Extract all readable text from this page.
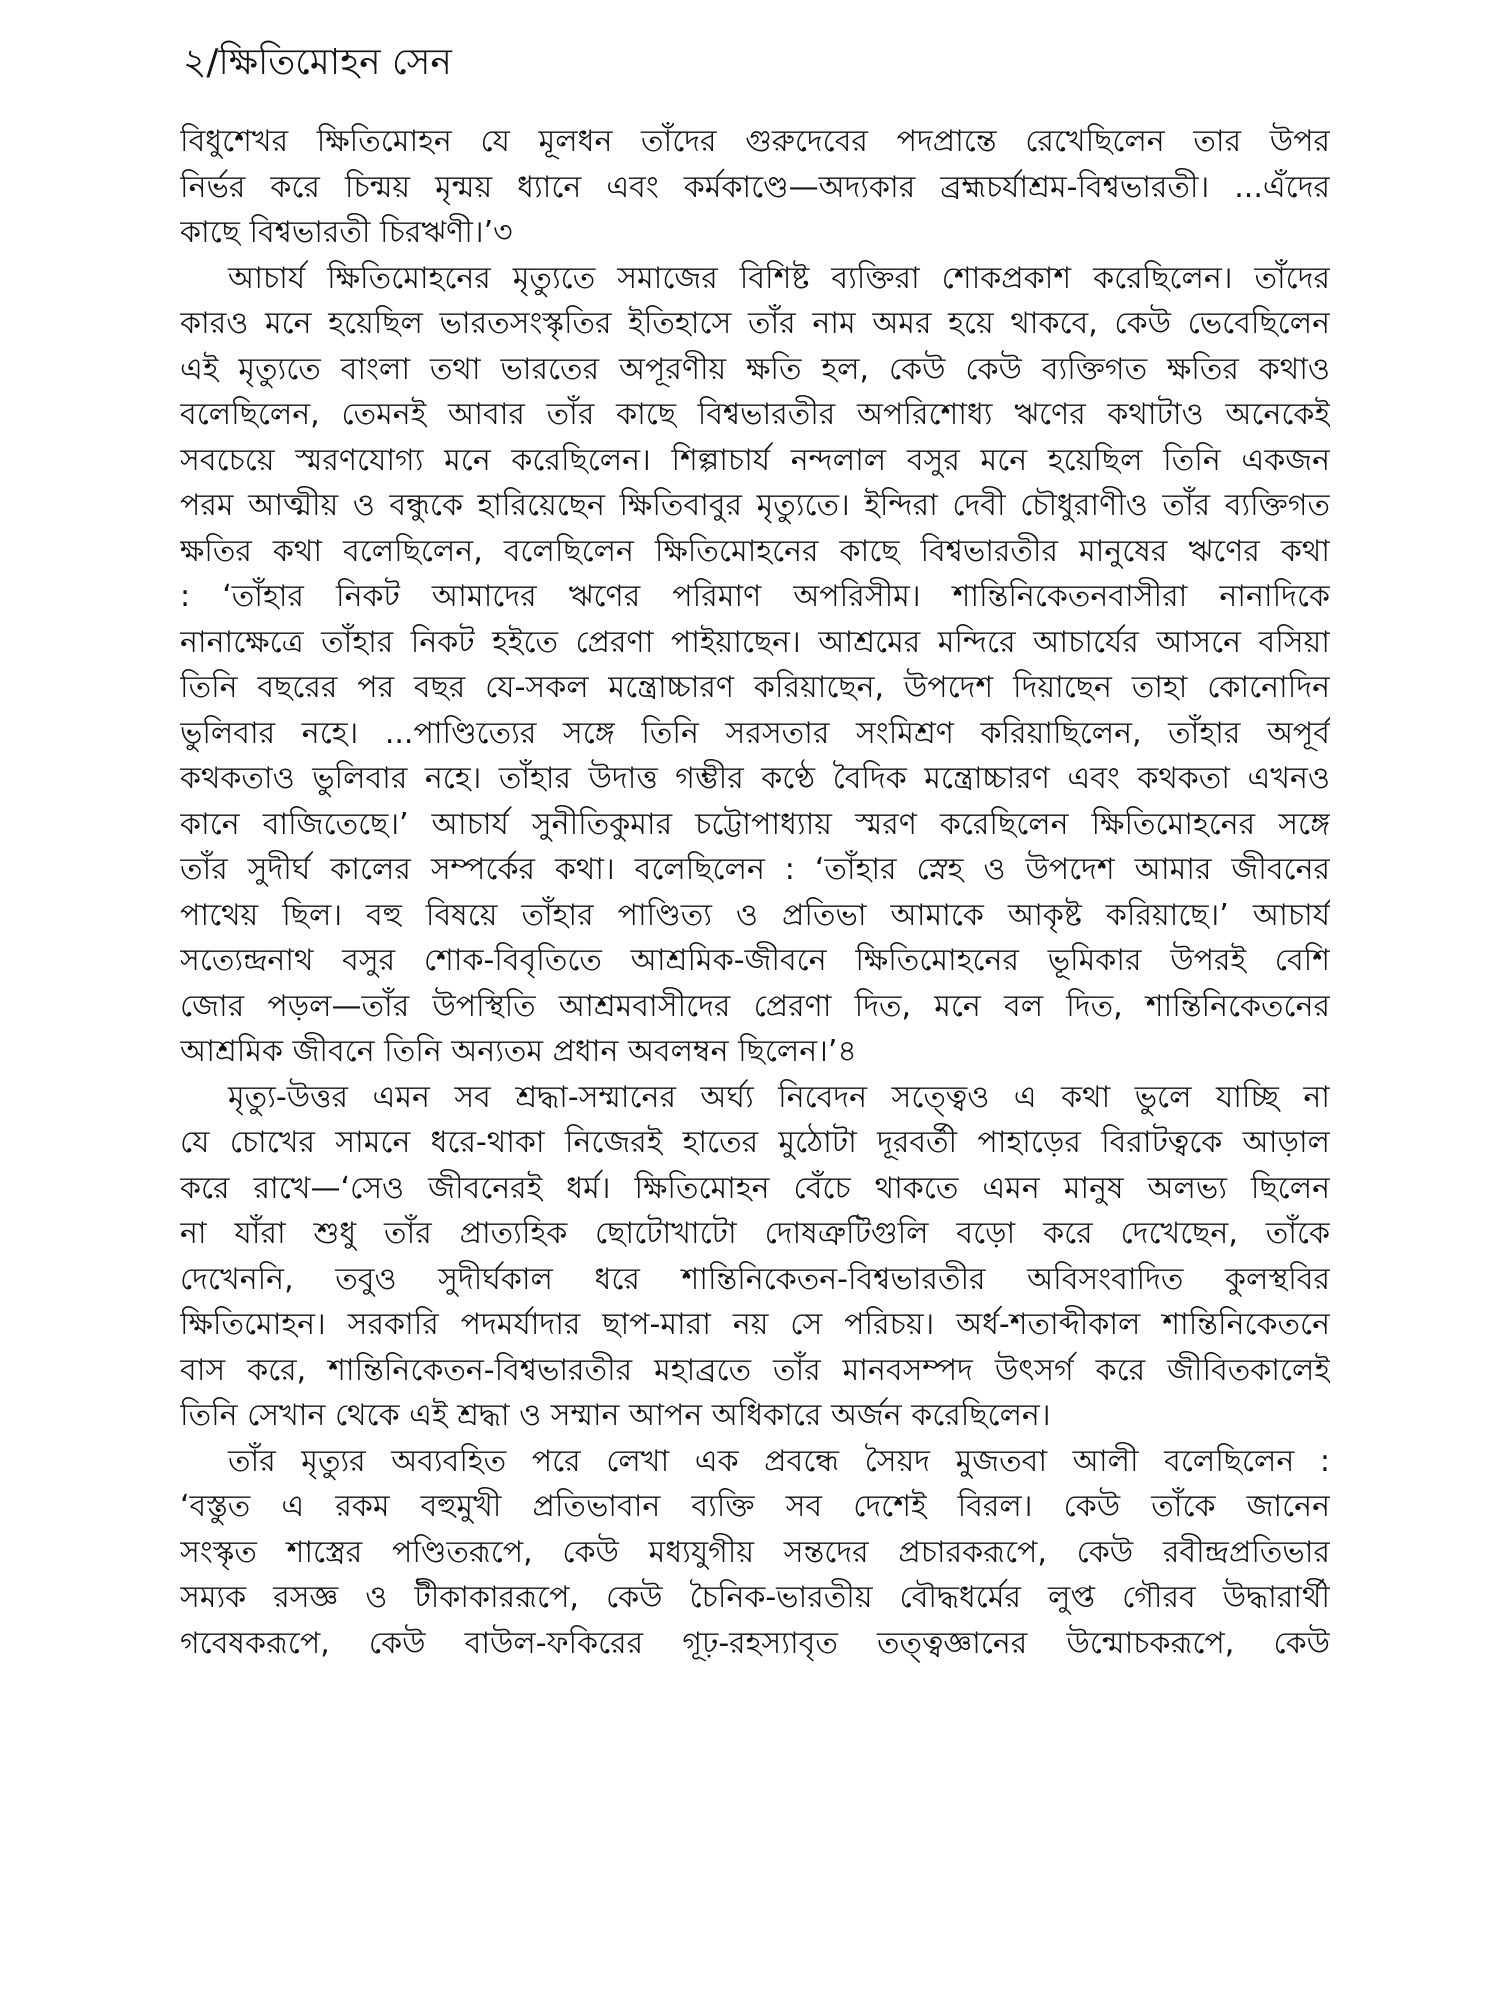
২/ক্ষিতিমোহন সেন
বিধুশেখর ক্ষিতিমোহন যে মূলধন তাঁদের গুরুদেবের পদপ্রান্তে রেখেছিলেন তার উপর
নির্ভর করে চিন্ময় মৃন্ময় ধ্যানে এবং কর্মকাণ্ডে—অদ্যকার ব্রহ্মচর্যাশ্রম-বিশ্বভারতী। ...এঁদের
কাছে বিশ্বভারতী চিরঋণী।’৩
আচার্য ক্ষিতিমোহনের মৃত্যুতে সমাজের বিশিষ্ট ব্যক্তিরা শোকপ্রকাশ করেছিলেন। তাঁদের
কারও মনে হয়েছিল ভারতসংস্কৃতির ইতিহাসে তাঁর নাম অমর হয়ে থাকবে, কেউ ভেবেছিলেন
এই মৃত্যুতে বাংলা তথা ভারতের অপূরণীয় ক্ষতি হল, কেউ কেউ ব্যক্তিগত ক্ষতির কথাও
বলেছিলেন, তেমনই আবার তাঁর কাছে বিশ্বভারতীর অপরিশোধ্য ঋণের কথাটাও অনেকেই
সবচেয়ে স্মরণযোগ্য মনে করেছিলেন। শিল্পাচার্য নন্দলাল বসুর মনে হয়েছিল তিনি একজন
পরম আত্মীয় ও বন্ধুকে হারিয়েছেন ক্ষিতিবাবুর মৃত্যুতে। ইন্দিরা দেবী চৌধুরাণীও তাঁর ব্যক্তিগত
ক্ষতির কথা বলেছিলেন, বলেছিলেন ক্ষিতিমোহনের কাছে বিশ্বভারতীর মানুষের ঋণের কথা
: ‘তাঁহার নিকট আমাদের ঋণের পরিমাণ অপরিসীম। শান্তিনিকেতনবাসীরা নানাদিকে
নানাক্ষেত্রে তাঁহার নিকট হইতে প্রেরণা পাইয়াছেন। আশ্রমের মন্দিরে আচার্যের আসনে বসিয়া
তিনি বছরের পর বছর যে-সকল মন্ত্রোচ্চারণ করিয়াছেন, উপদেশ দিয়াছেন তাহা কোনোদিন
ভুলিবার নহে। ...পাণ্ডিত্যের সঙ্গে তিনি সরসতার সংমিশ্রণ করিয়াছিলেন, তাঁহার অপূর্ব
কথকতাও ভুলিবার নহে। তাঁহার উদাত্ত গম্ভীর কণ্ঠে বৈদিক মন্ত্রোচ্চারণ এবং কথকতা এখনও
কানে বাজিতেছে।’ আচার্য সুনীতিকুমার চট্টোপাধ্যায় স্মরণ করেছিলেন ক্ষিতিমোহনের সঙ্গে
তাঁর সুদীর্ঘ কালের সম্পর্কের কথা। বলেছিলেন : ‘তাঁহার স্নেহ ও উপদেশ আমার জীবনের
পাথেয় ছিল। বহু বিষয়ে তাঁহার পাণ্ডিত্য ও প্রতিভা আমাকে আকৃষ্ট করিয়াছে।’ আচার্য
সত্যেন্দ্রনাথ বসুর শোক-বিবৃতিতে আশ্রমিক-জীবনে ক্ষিতিমোহনের ভূমিকার উপরই বেশি
জোর পড়ল—তাঁর উপস্থিতি আশ্রমবাসীদের প্রেরণা দিত, মনে বল দিত, শান্তিনিকেতনের
আশ্রমিক জীবনে তিনি অন্যতম প্রধান অবলম্বন ছিলেন।’৪
মৃত্যু-উত্তর এমন সব শ্রদ্ধা-সম্মানের অর্ঘ্য নিবেদন সত্ত্বেও এ কথা ভুলে যাচ্ছি না
যে চোখের সামনে ধরে-থাকা নিজেরই হাতের মুঠোটা দূরবর্তী পাহাড়ের বিরাটত্বকে আড়াল
করে রাখে—‘সেও জীবনেরই ধর্ম। ক্ষিতিমোহন বেঁচে থাকতে এমন মানুষ অলভ্য ছিলেন
না যাঁরা শুধু তাঁর প্রাত্যহিক ছোটোখাটো দোষত্রুটিগুলি বড়ো করে দেখেছেন, তাঁকে
দেখেননি, তবুও সুদীর্ঘকাল ধরে শান্তিনিকেতন-বিশ্বভারতীর অবিসংবাদিত কুলস্থবির
ক্ষিতিমোহন। সরকারি পদমর্যাদার ছাপ-মারা নয় সে পরিচয়। অর্ধ-শতাব্দীকাল শান্তিনিকেতনে
বাস করে, শান্তিনিকেতন-বিশ্বভারতীর মহাব্রতে তাঁর মানবসম্পদ উৎসর্গ করে জীবিতকালেই
তিনি সেখান থেকে এই শ্রদ্ধা ও সম্মান আপন অধিকারে অর্জন করেছিলেন।
তাঁর মৃত্যুর অব্যবহিত পরে লেখা এক প্রবন্ধে সৈয়দ মুজতবা আলী বলেছিলেন :
‘বস্তুত এ রকম বহুমুখী প্রতিভাবান ব্যক্তি সব দেশেই বিরল। কেউ তাঁকে জানেন
সংস্কৃত শাস্ত্রের পণ্ডিতরূপে, কেউ মধ্যযুগীয় সন্তদের প্রচারকরূপে, কেউ রবীন্দ্রপ্রতিভার
সম্যক রসজ্ঞ ও টীকাকাররূপে, কেউ চৈনিক-ভারতীয় বৌদ্ধধর্মের লুপ্ত গৌরব উদ্ধারার্থী
গবেষকরূপে, কেউ বাউল-ফকিরের গূঢ়-রহস্যাবৃত তত্ত্বজ্ঞানের উন্মোচকরূপে, কেউ
